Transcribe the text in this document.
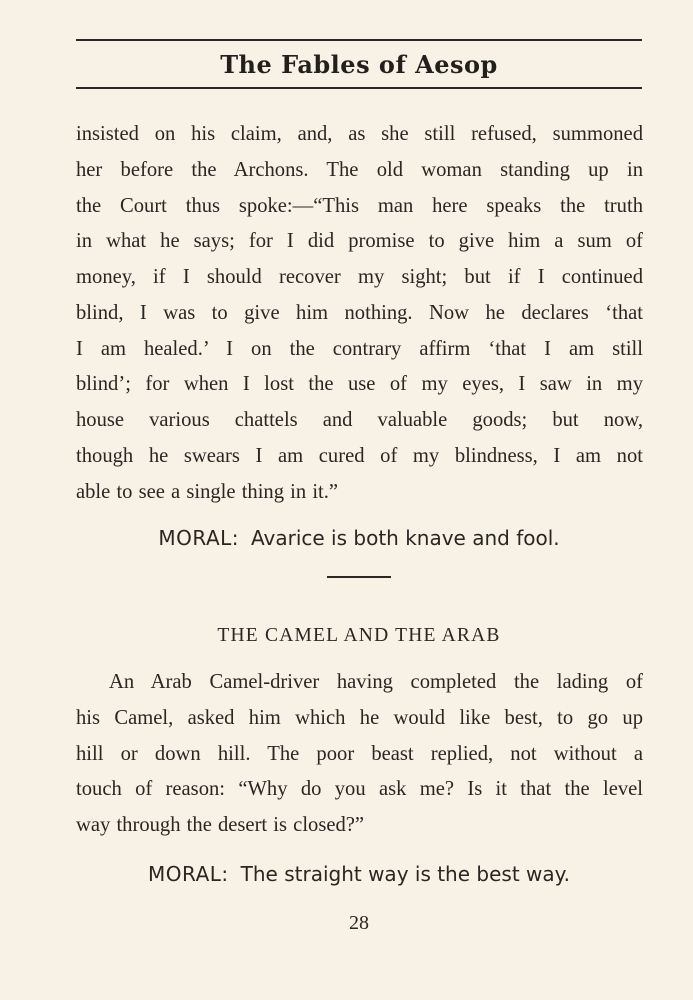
The Fables of Aesop
insisted on his claim, and, as she still refused, summoned
her before the Archons. The old woman standing up in
the Court thus spoke:—“This man here speaks the truth
in what he says; for I did promise to give him a sum of
money, if I should recover my sight; but if I continued
blind, I was to give him nothing. Now he declares ‘that
I am healed.’ I on the contrary affirm ‘that I am still
blind’; for when I lost the use of my eyes, I saw in my
house various chattels and valuable goods; but now,
though he swears I am cured of my blindness, I am not
able to see a single thing in it.”
MORAL: Avarice is both knave and fool.
THE CAMEL AND THE ARAB
An Arab Camel-driver having completed the lading of
his Camel, asked him which he would like best, to go up
hill or down hill. The poor beast replied, not without a
touch of reason: “Why do you ask me? Is it that the level
way through the desert is closed?”
MORAL: The straight way is the best way.
28
